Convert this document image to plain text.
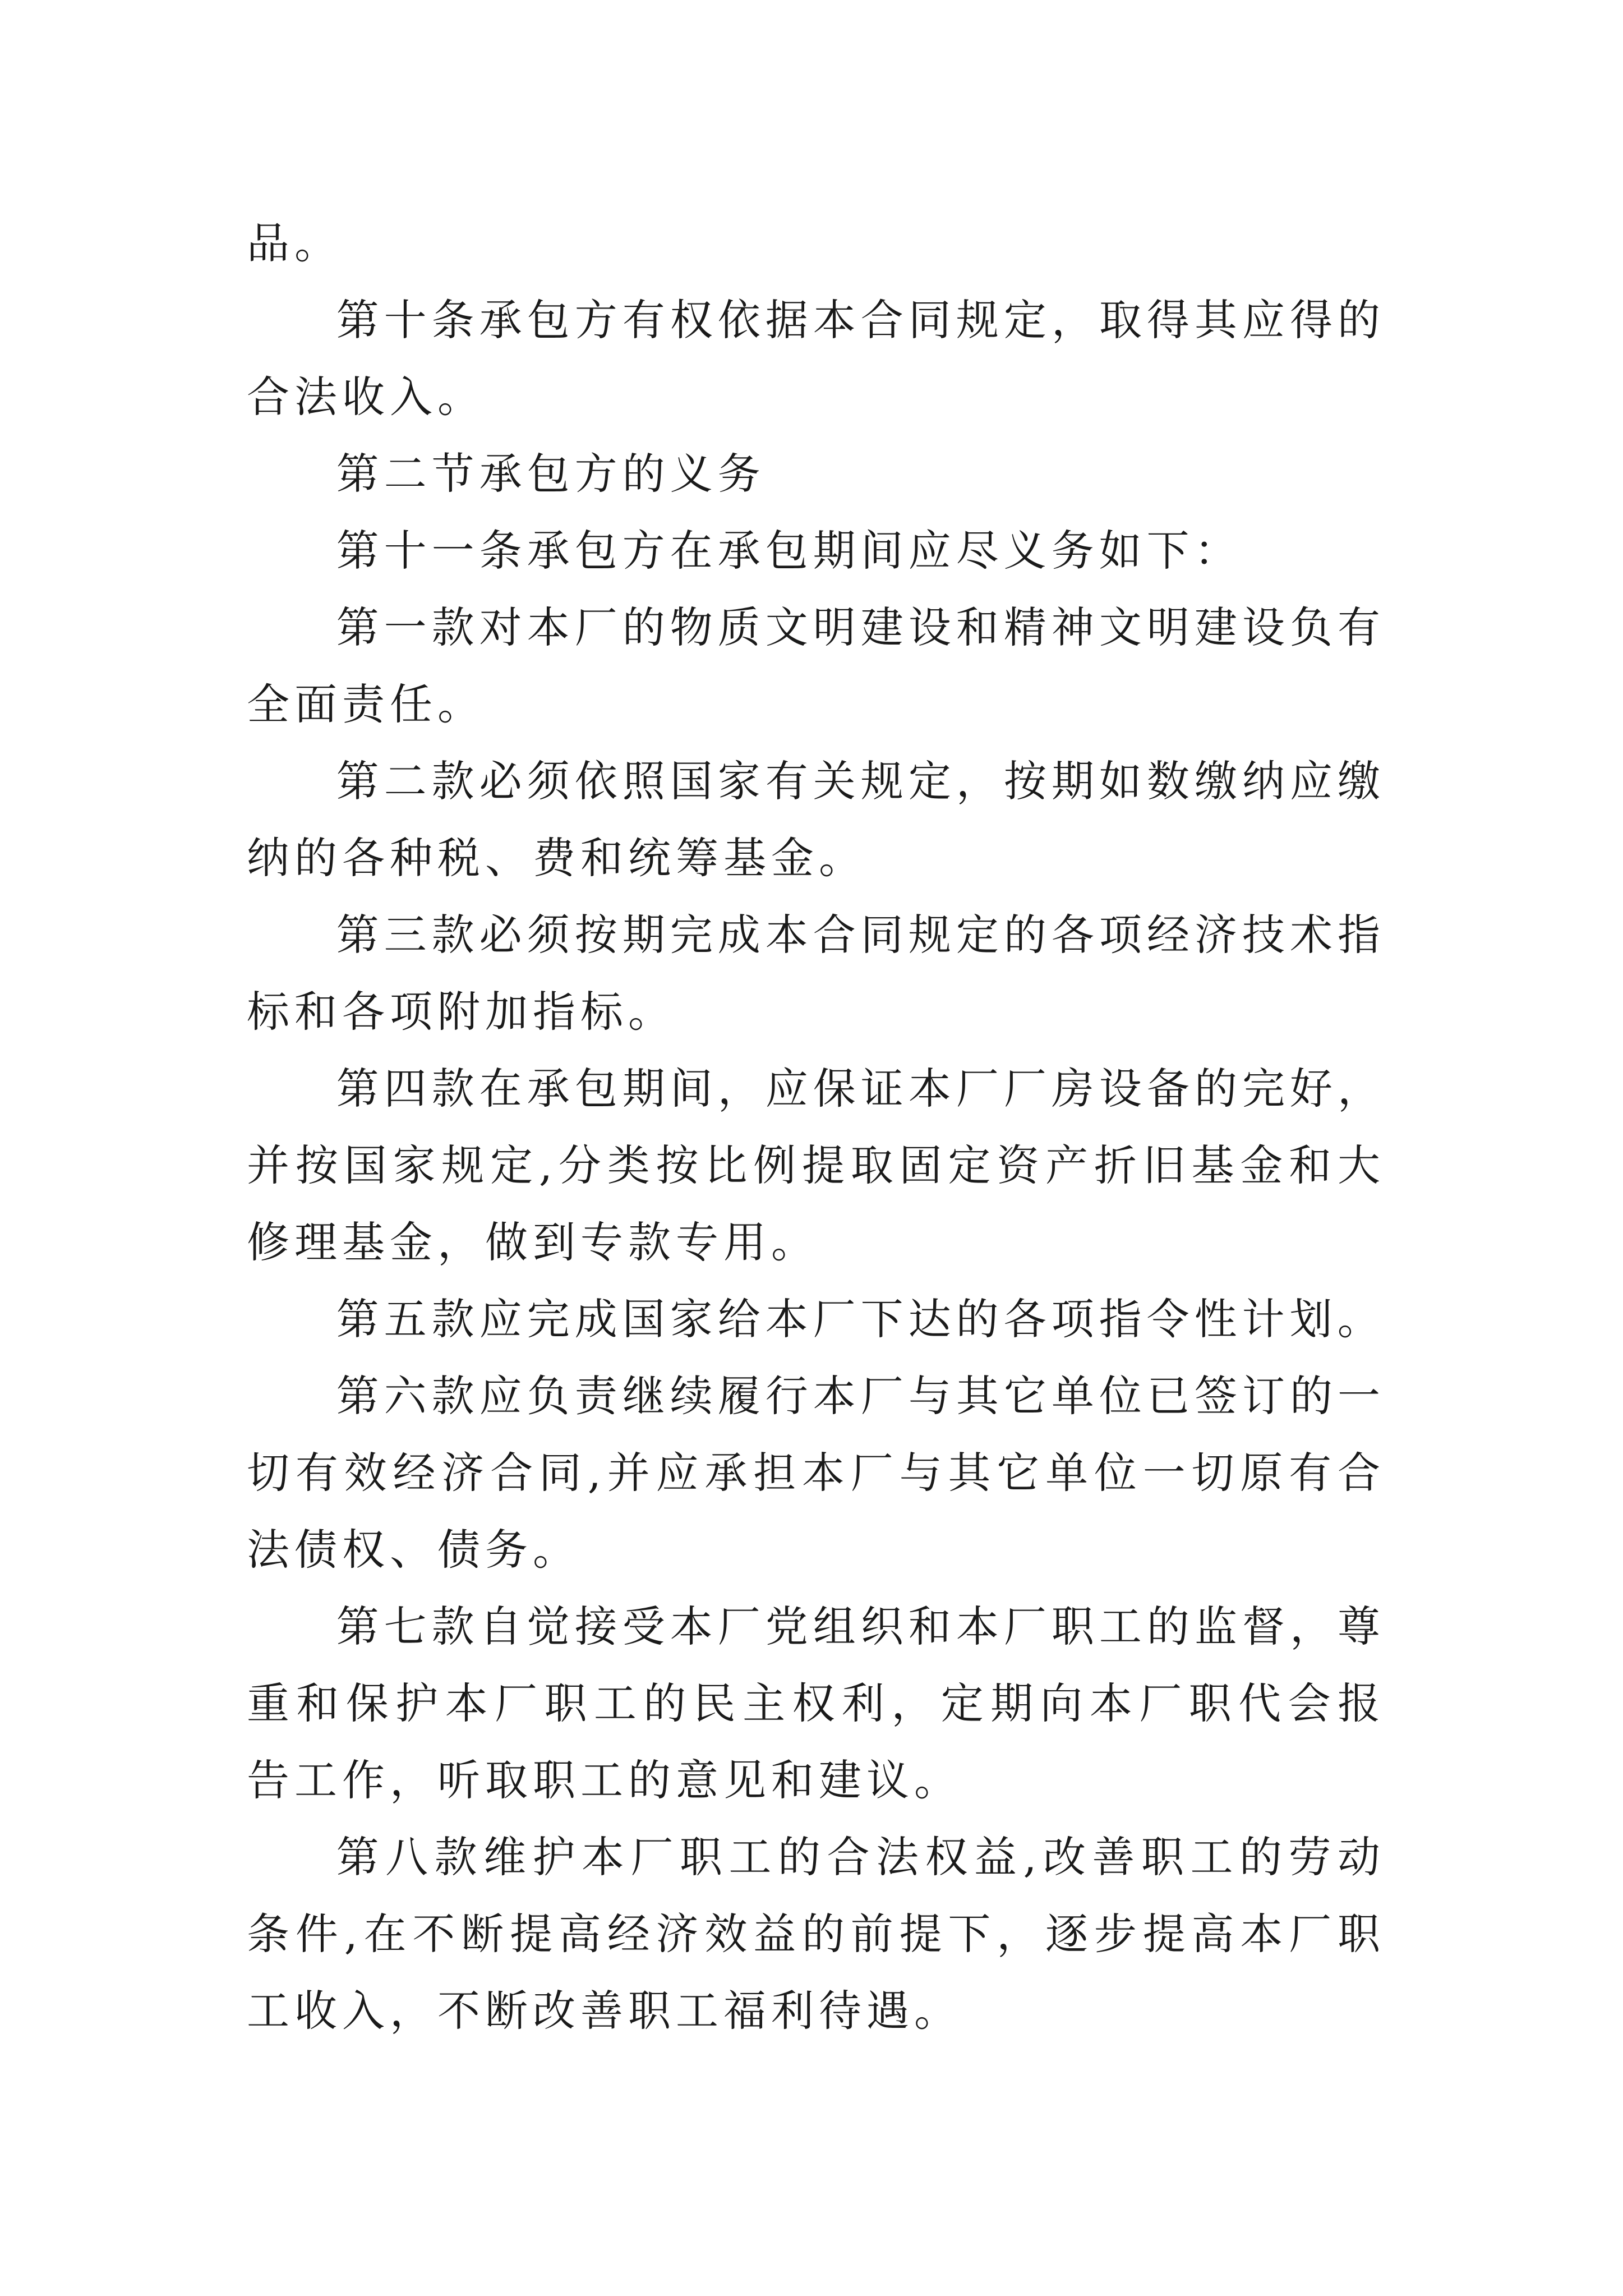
品。

第十条承包方有权依据本合同规定，取得其应得的合法收入。

第二节承包方的义务

第十一条承包方在承包期间应尽义务如下：

第一款对本厂的物质文明建设和精神文明建设负有全面责任。

第二款必须依照国家有关规定，按期如数缴纳应缴纳的各种税、费和统筹基金。

第三款必须按期完成本合同规定的各项经济技术指标和各项附加指标。

第四款在承包期间，应保证本厂厂房设备的完好，并按国家规定,分类按比例提取固定资产折旧基金和大修理基金，做到专款专用。

第五款应完成国家给本厂下达的各项指令性计划。

第六款应负责继续履行本厂与其它单位已签订的一切有效经济合同,并应承担本厂与其它单位一切原有合法债权、债务。

第七款自觉接受本厂党组织和本厂职工的监督，尊重和保护本厂职工的民主权利，定期向本厂职代会报告工作，听取职工的意见和建议。

第八款维护本厂职工的合法权益,改善职工的劳动条件,在不断提高经济效益的前提下，逐步提高本厂职工收入，不断改善职工福利待遇。
